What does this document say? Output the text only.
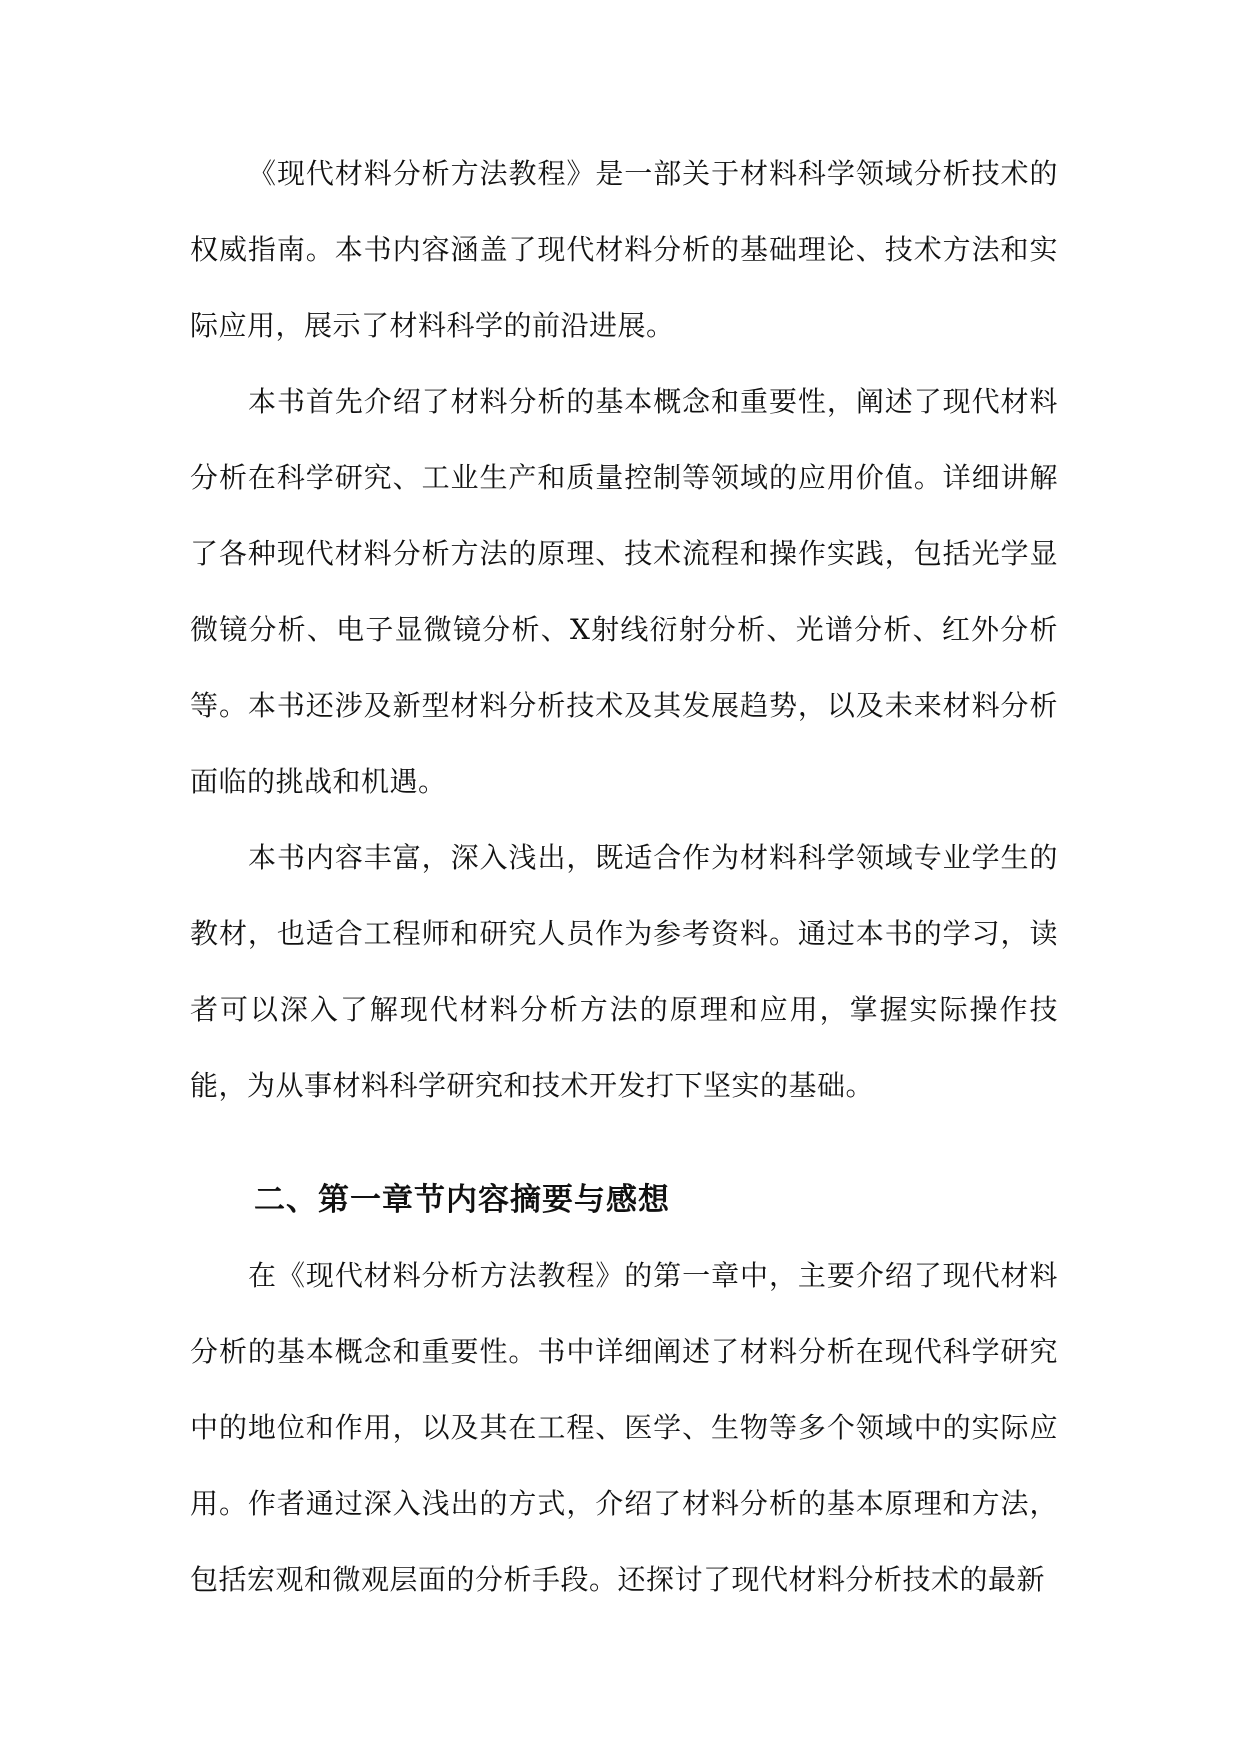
《现代材料分析方法教程》是一部关于材料科学领域分析技术的权威指南。本书内容涵盖了现代材料分析的基础理论、技术方法和实际应用，展示了材料科学的前沿进展。

本书首先介绍了材料分析的基本概念和重要性，阐述了现代材料分析在科学研究、工业生产和质量控制等领域的应用价值。详细讲解了各种现代材料分析方法的原理、技术流程和操作实践，包括光学显微镜分析、电子显微镜分析、X射线衍射分析、光谱分析、红外分析等。本书还涉及新型材料分析技术及其发展趋势，以及未来材料分析面临的挑战和机遇。

本书内容丰富，深入浅出，既适合作为材料科学领域专业学生的教材，也适合工程师和研究人员作为参考资料。通过本书的学习，读者可以深入了解现代材料分析方法的原理和应用，掌握实际操作技能，为从事材料科学研究和技术开发打下坚实的基础。

二、第一章节内容摘要与感想

在《现代材料分析方法教程》的第一章中，主要介绍了现代材料分析的基本概念和重要性。书中详细阐述了材料分析在现代科学研究中的地位和作用，以及其在工程、医学、生物等多个领域中的实际应用。作者通过深入浅出的方式，介绍了材料分析的基本原理和方法，包括宏观和微观层面的分析手段。还探讨了现代材料分析技术的最新
